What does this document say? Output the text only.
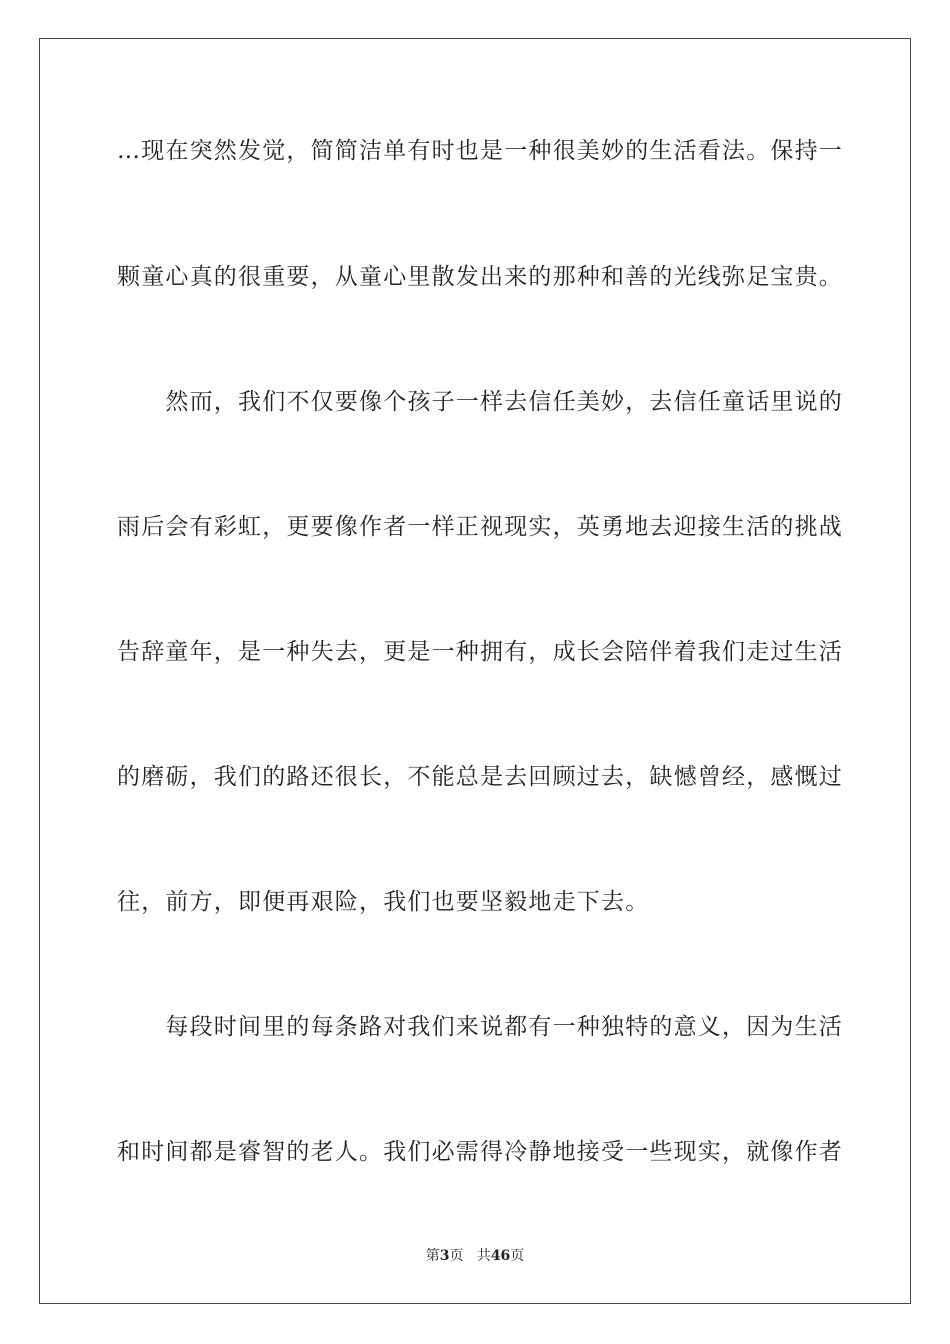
…现在突然发觉，简简洁单有时也是一种很美妙的生活看法。保持一
颗童心真的很重要，从童心里散发出来的那种和善的光线弥足宝贵。
　　然而，我们不仅要像个孩子一样去信任美妙，去信任童话里说的
雨后会有彩虹，更要像作者一样正视现实，英勇地去迎接生活的挑战
告辞童年，是一种失去，更是一种拥有，成长会陪伴着我们走过生活
的磨砺，我们的路还很长，不能总是去回顾过去，缺憾曾经，感慨过
往，前方，即便再艰险，我们也要坚毅地走下去。
　　每段时间里的每条路对我们来说都有一种独特的意义，因为生活
和时间都是睿智的老人。我们必需得冷静地接受一些现实，就像作者
第3页 共46页
